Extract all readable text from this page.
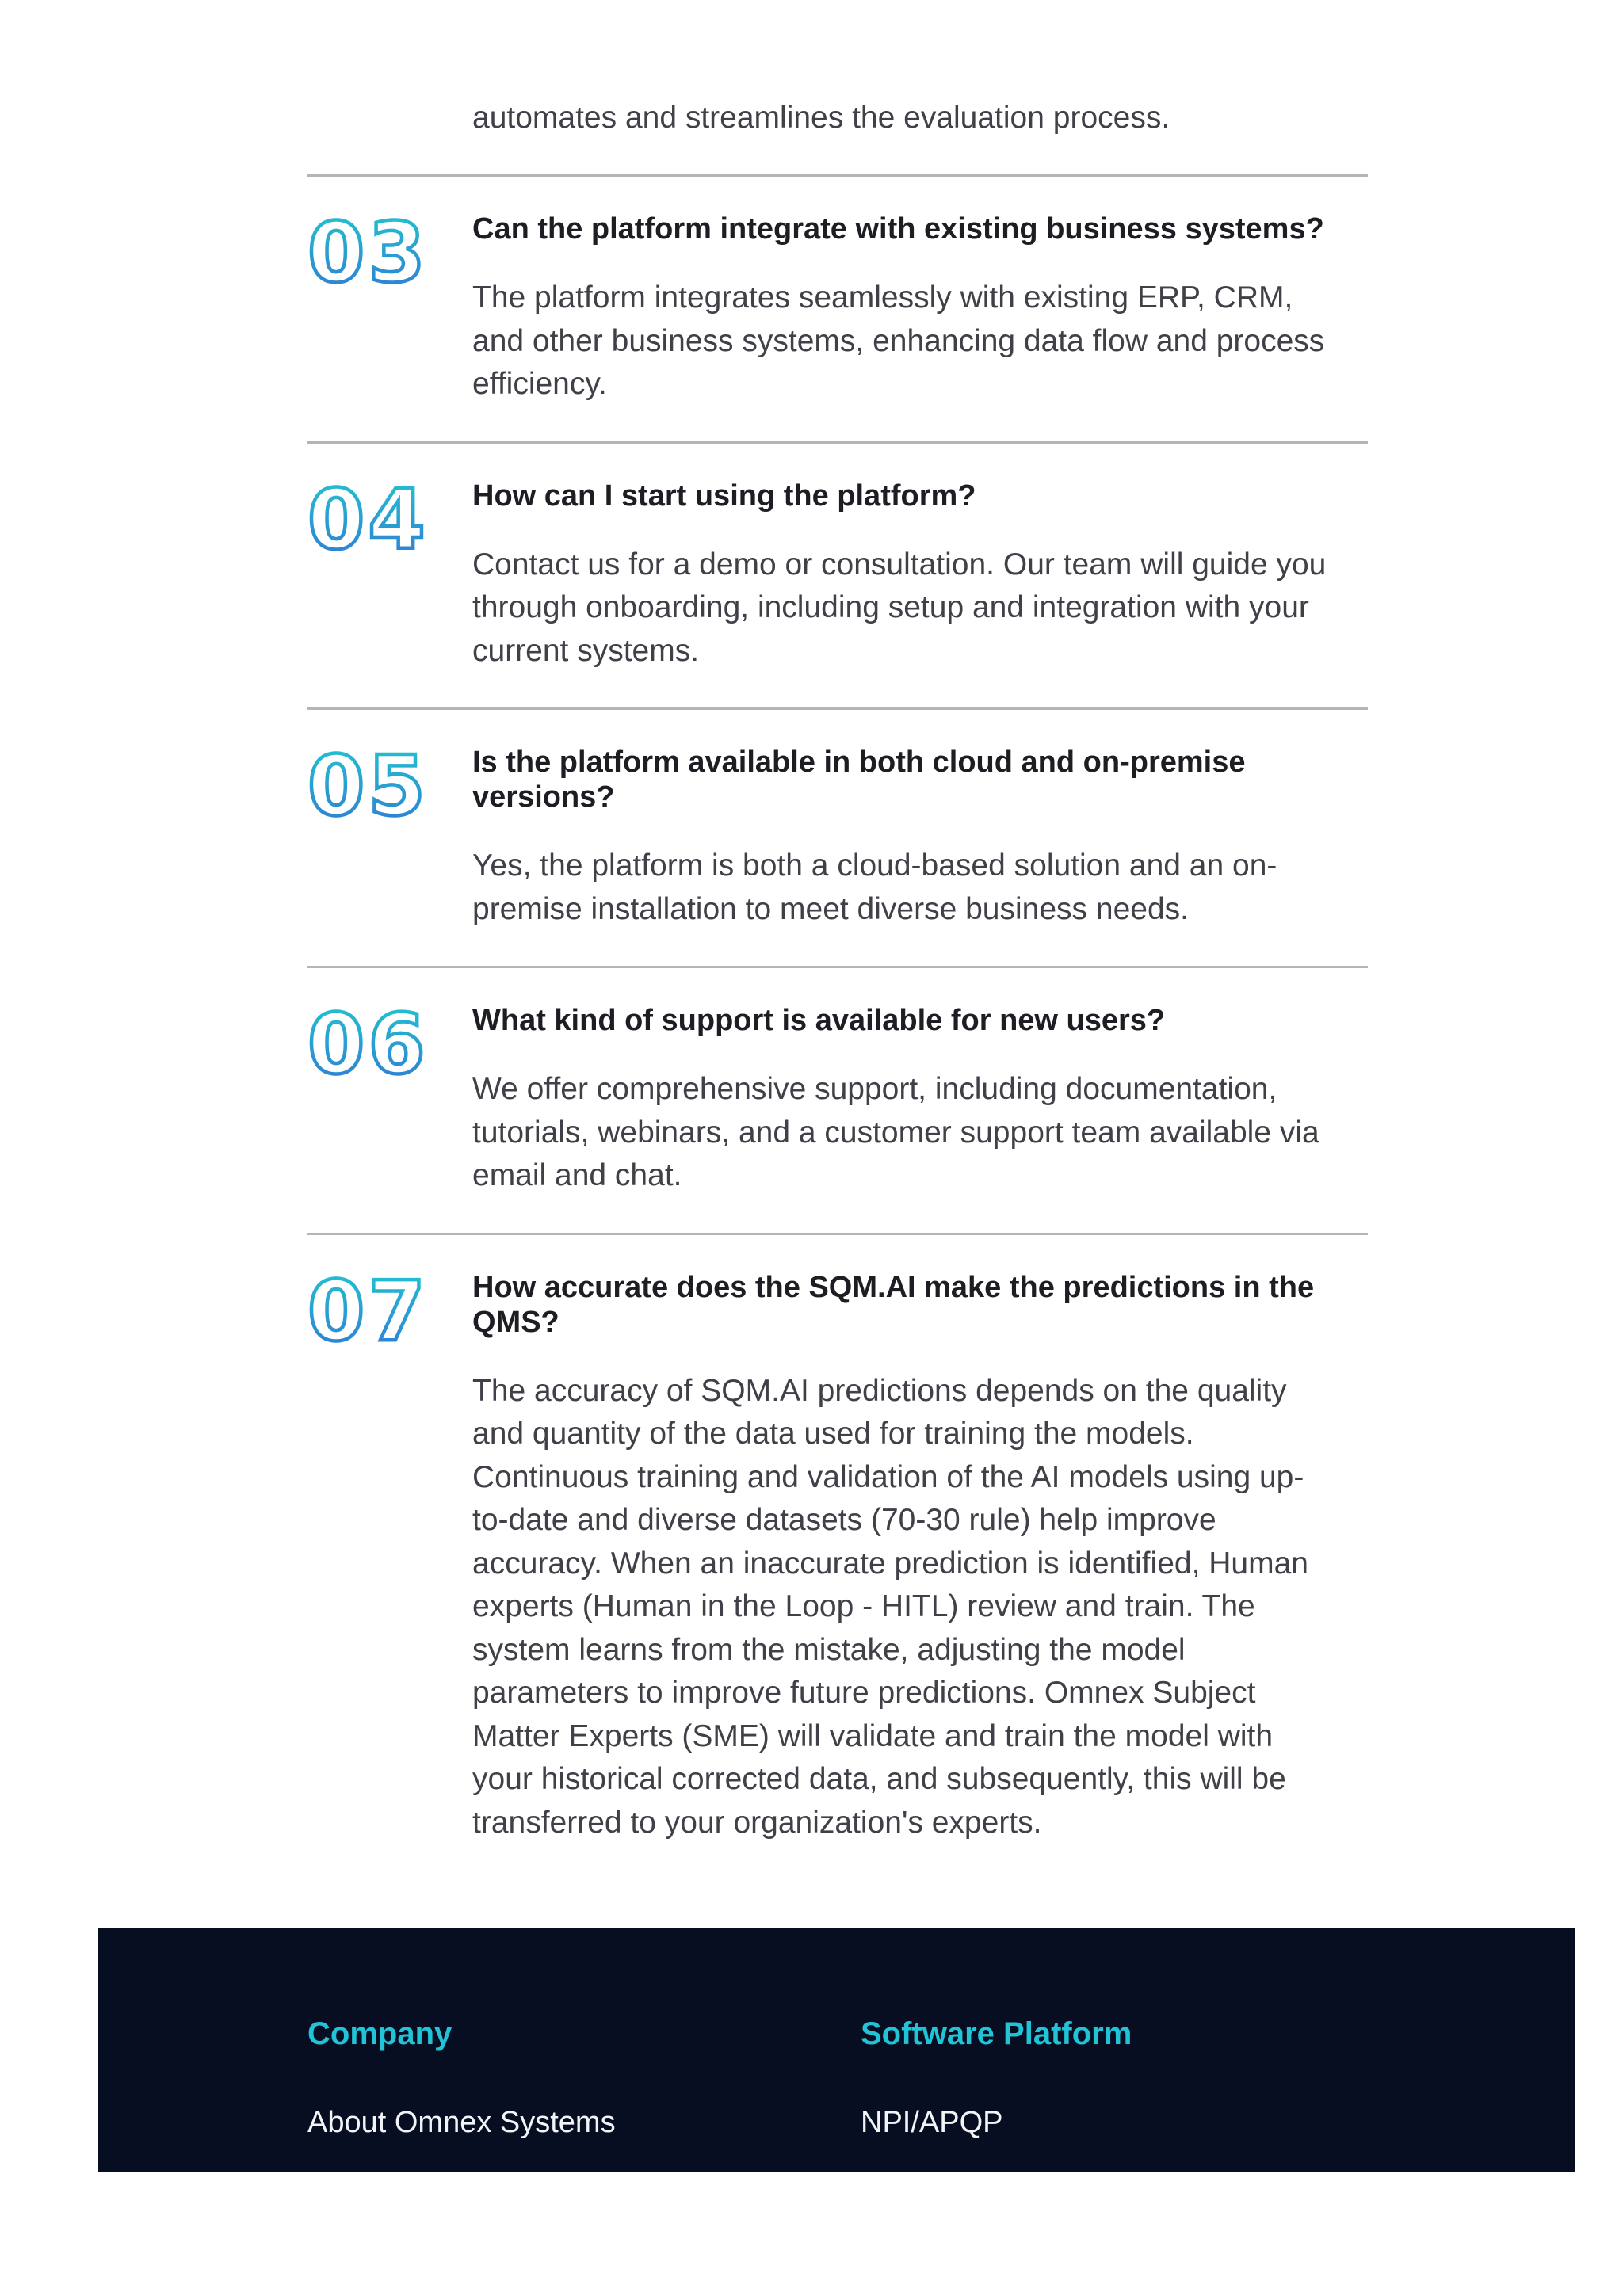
automates and streamlines the evaluation process.
03 Can the platform integrate with existing business systems?

The platform integrates seamlessly with existing ERP, CRM, and other business systems, enhancing data flow and process efficiency.

04 How can I start using the platform?

Contact us for a demo or consultation. Our team will guide you through onboarding, including setup and integration with your current systems.

05 Is the platform available in both cloud and on-premise versions?

Yes, the platform is both a cloud-based solution and an on-premise installation to meet diverse business needs.

06 What kind of support is available for new users?

We offer comprehensive support, including documentation, tutorials, webinars, and a customer support team available via email and chat.

07 How accurate does the SQM.AI make the predictions in the QMS?

The accuracy of SQM.AI predictions depends on the quality and quantity of the data used for training the models. Continuous training and validation of the AI models using up-to-date and diverse datasets (70-30 rule) help improve accuracy. When an inaccurate prediction is identified, Human experts (Human in the Loop - HITL) review and train. The system learns from the mistake, adjusting the model parameters to improve future predictions. Omnex Subject Matter Experts (SME) will validate and train the model with your historical corrected data, and subsequently, this will be transferred to your organization's experts.

Company
About Omnex Systems
Software Platform
NPI/APQP
